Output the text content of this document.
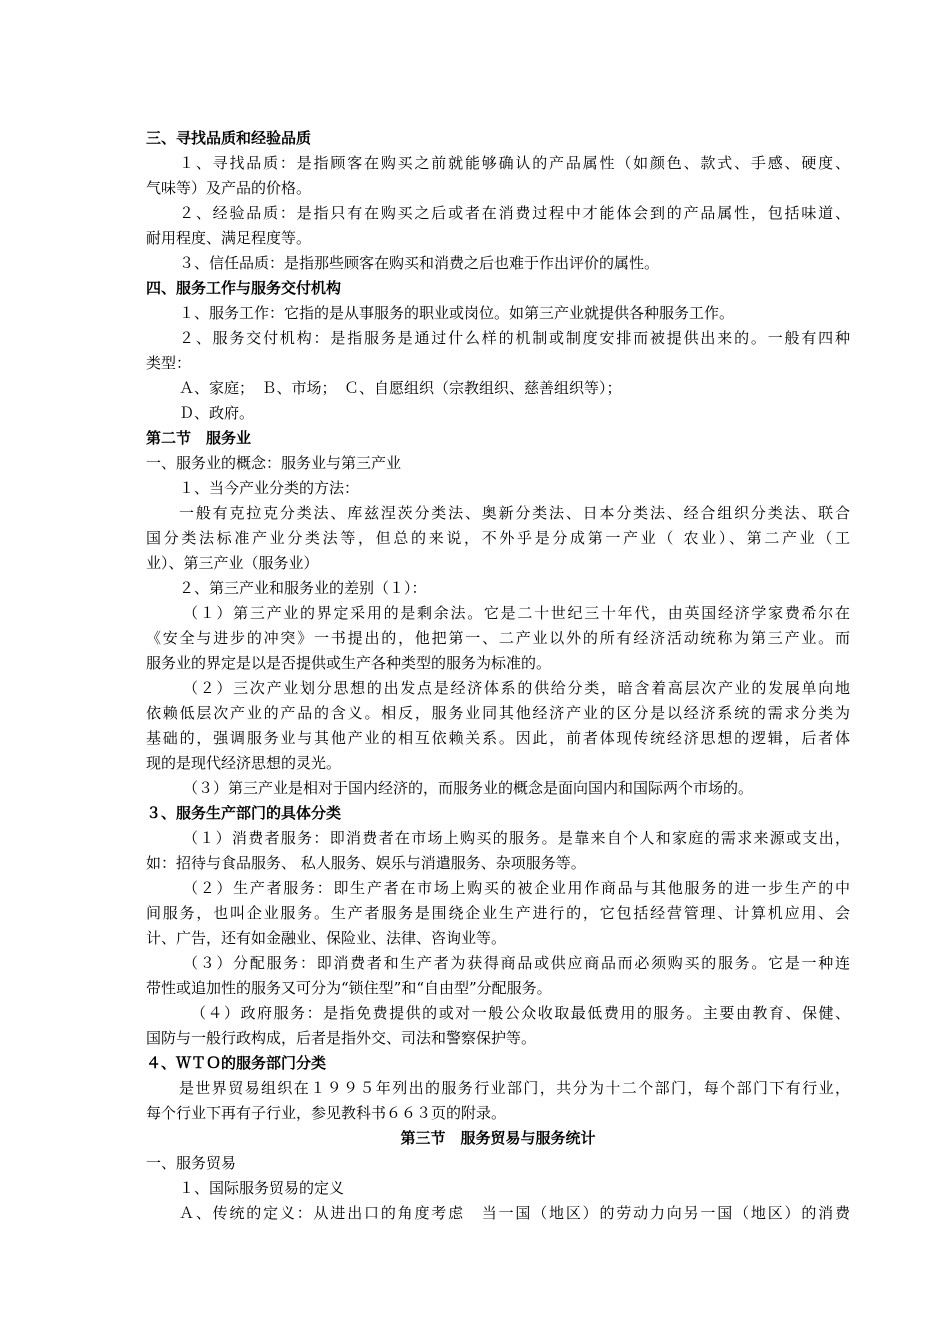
三、寻找品质和经验品质
１、寻找品质：是指顾客在购买之前就能够确认的产品属性（如颜色、款式、手感、硬度、
气味等）及产品的价格。
２、经验品质：是指只有在购买之后或者在消费过程中才能体会到的产品属性，包括味道、
耐用程度、满足程度等。
３、信任品质：是指那些顾客在购买和消费之后也难于作出评价的属性。
四、服务工作与服务交付机构
１、服务工作：它指的是从事服务的职业或岗位。如第三产业就提供各种服务工作。
２、服务交付机构：是指服务是通过什么样的机制或制度安排而被提供出来的。一般有四种
类型：
Ａ、家庭；　Ｂ、市场；　Ｃ、自愿组织（宗教组织、慈善组织等）；
Ｄ、政府。
第二节　服务业
一、服务业的概念：服务业与第三产业
１、当今产业分类的方法：
一般有克拉克分类法、库兹涅茨分类法、奥新分类法、日本分类法、经合组织分类法、联合
国分类法标准产业分类法等，但总的来说，不外乎是分成第一产业（ 农业）、第二产业（工
业）、第三产业（服务业）
２、第三产业和服务业的差别（１）：
（１）第三产业的界定采用的是剩余法。它是二十世纪三十年代，由英国经济学家费希尔在
《安全与进步的冲突》一书提出的，他把第一、二产业以外的所有经济活动统称为第三产业。而
服务业的界定是以是否提供或生产各种类型的服务为标准的。
（２）三次产业划分思想的出发点是经济体系的供给分类，暗含着高层次产业的发展单向地
依赖低层次产业的产品的含义。相反，服务业同其他经济产业的区分是以经济系统的需求分类为
基础的，强调服务业与其他产业的相互依赖关系。因此，前者体现传统经济思想的逻辑，后者体
现的是现代经济思想的灵光。
（３）第三产业是相对于国内经济的，而服务业的概念是面向国内和国际两个市场的。
３、服务生产部门的具体分类
（１）消费者服务：即消费者在市场上购买的服务。是靠来自个人和家庭的需求来源或支出，
如：招待与食品服务、 私人服务、娱乐与消遣服务、杂项服务等。
（２）生产者服务：即生产者在市场上购买的被企业用作商品与其他服务的进一步生产的中
间服务，也叫企业服务。生产者服务是围绕企业生产进行的，它包括经营管理、计算机应用、会
计、广告，还有如金融业、保险业、法律、咨询业等。
（３）分配服务：即消费者和生产者为获得商品或供应商品而必须购买的服务。它是一种连
带性或追加性的服务又可分为“锁住型”和“自由型”分配服务。
（４）政府服务：是指免费提供的或对一般公众收取最低费用的服务。主要由教育、保健、
国防与一般行政构成，后者是指外交、司法和警察保护等。
４、ＷＴＯ的服务部门分类
是世界贸易组织在１９９５年列出的服务行业部门，共分为十二个部门，每个部门下有行业，
每个行业下再有子行业，参见教科书６６３页的附录。
第三节　服务贸易与服务统计
一、服务贸易
１、国际服务贸易的定义
Ａ、传统的定义：从进出口的角度考虑　当一国（地区）的劳动力向另一国（地区）的消费
